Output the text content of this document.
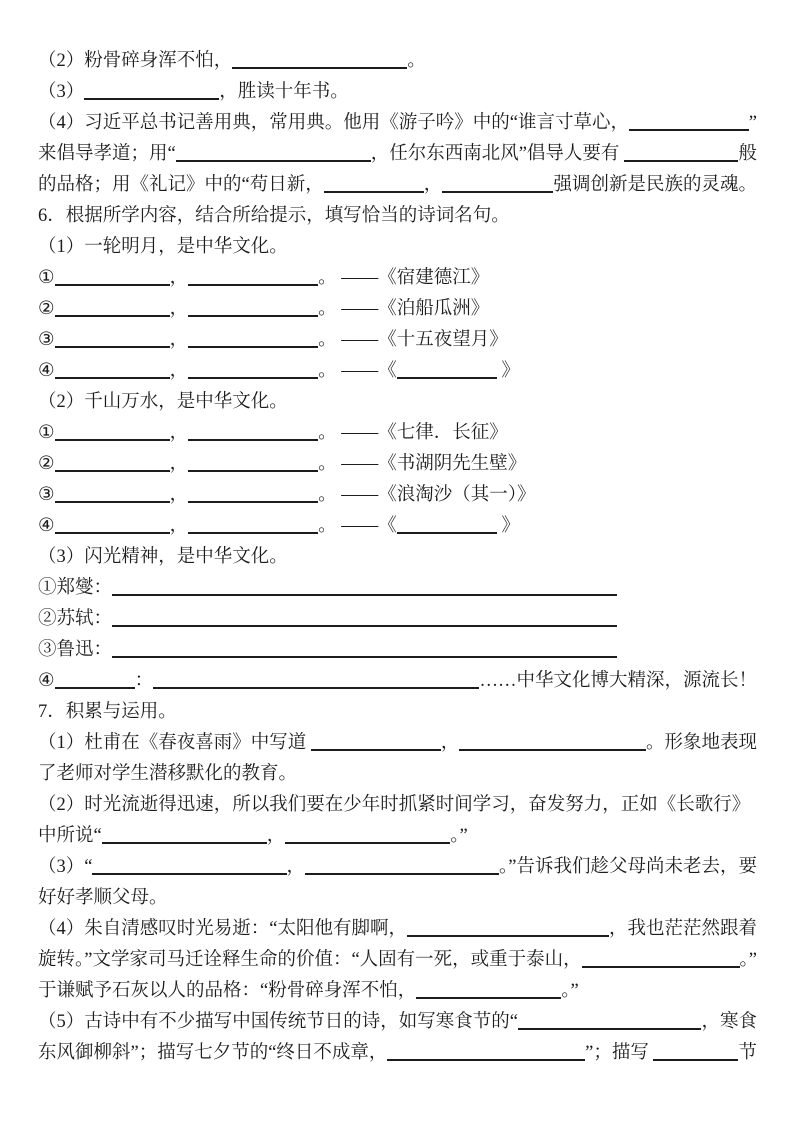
（2）粉骨碎身浑不怕，	。
（3）	，胜读十年书。
（4）习近平总书记善用典，常用典。他用《游子吟》中的“谁言寸草心，	”
来倡导孝道；用“	，任尔东西南北风”倡导人要有	般
的品格；用《礼记》中的“苟日新，	，	强调创新是民族的灵魂。
6．根据所学内容，结合所给提示，填写恰当的诗词名句。
（1）一轮明月，是中华文化。
①	，	。 ——《宿建德江》
②	，	。 ——《泊船瓜洲》
③	，	。 ——《十五夜望月》
④	，	。 ——《	》
（2）千山万水，是中华文化。
①	，	。 ——《七律．长征》
②	，	。 ——《书湖阴先生壁》
③	，	。 ——《浪淘沙（其一）》
④	，	。 ——《	》
（3）闪光精神，是中华文化。
①郑燮：
②苏轼：
③鲁迅：
④	：	……中华文化博大精深，源流长！
7．积累与运用。
（1）杜甫在《春夜喜雨》中写道	，	。形象地表现
了老师对学生潜移默化的教育。
（2）时光流逝得迅速，所以我们要在少年时抓紧时间学习，奋发努力，正如《长歌行》
中所说“	，	。”
（3）“	，	。”告诉我们趁父母尚未老去，要
好好孝顺父母。
（4）朱自清感叹时光易逝：“太阳他有脚啊，	，我也茫茫然跟着
旋转。”文学家司马迁诠释生命的价值：“人固有一死，或重于泰山，	。”
于谦赋予石灰以人的品格：“粉骨碎身浑不怕，	。”
（5）古诗中有不少描写中国传统节日的诗，如写寒食节的“	，寒食
东风御柳斜”；描写七夕节的“终日不成章，	”；描写	节
